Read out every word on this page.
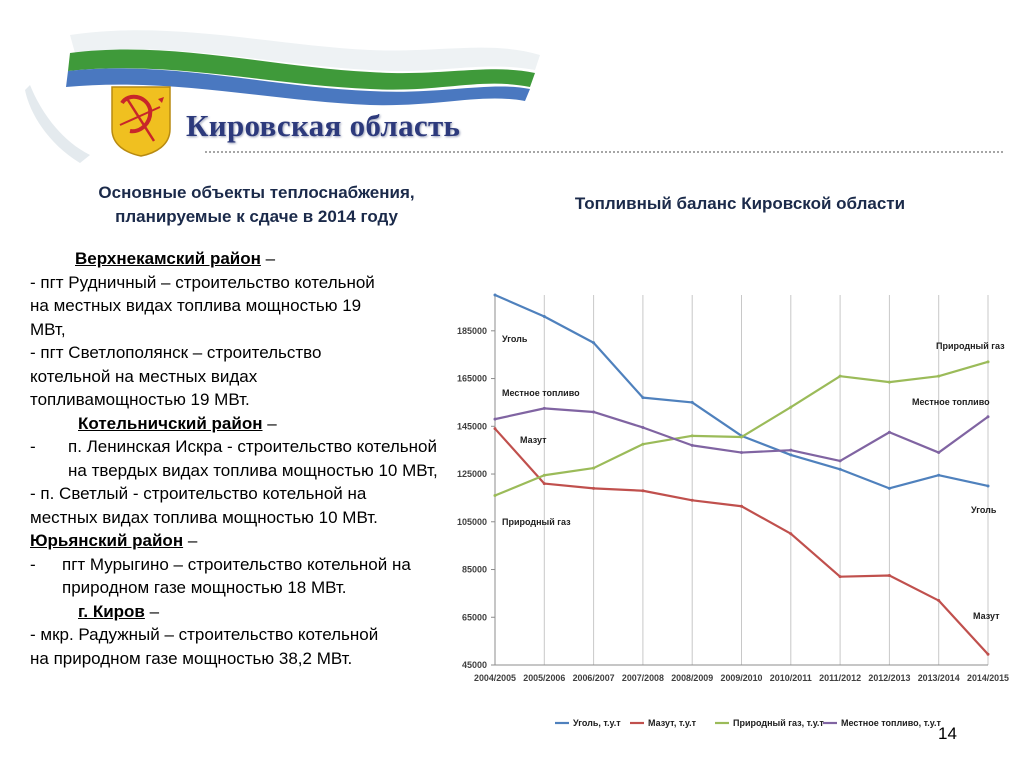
Кировская область
Основные объекты теплоснабжения,
планируемые к сдаче в 2014 году
Верхнекамский район –
- пгт Рудничный – строительство котельной
на местных видах топлива мощностью 19
МВт,
- пгт Светлополянск – строительство
котельной на местных видах
топливамощностью 19 МВт.
Котельничский район –
-	п. Ленинская Искра - строительство котельной на твердых видах топлива мощностью 10 МВт,
- п. Светлый - строительство котельной на
местных видах топлива мощностью 10 МВт.
Юрьянский район –
-	пгт Мурыгино – строительство котельной на природном газе мощностью 18 МВт.
г. Киров –
- мкр. Радужный – строительство котельной
на природном газе мощностью 38,2 МВт.
Топливный баланс Кировской области
45000
65000
85000
105000
125000
145000
165000
185000
2004/2005 2005/2006 2006/2007 2007/2008 2008/2009 2009/2010 2010/2011 2011/2012 2012/2013 2013/2014 2014/2015
Уголь
Местное топливо
Мазут
Природный газ
Природный газ
Местное топливо
Уголь
Мазут
Уголь, т.у.т	Мазут, т.у.т	Природный газ, т.у.т Местное топливо, т.у.т
14
